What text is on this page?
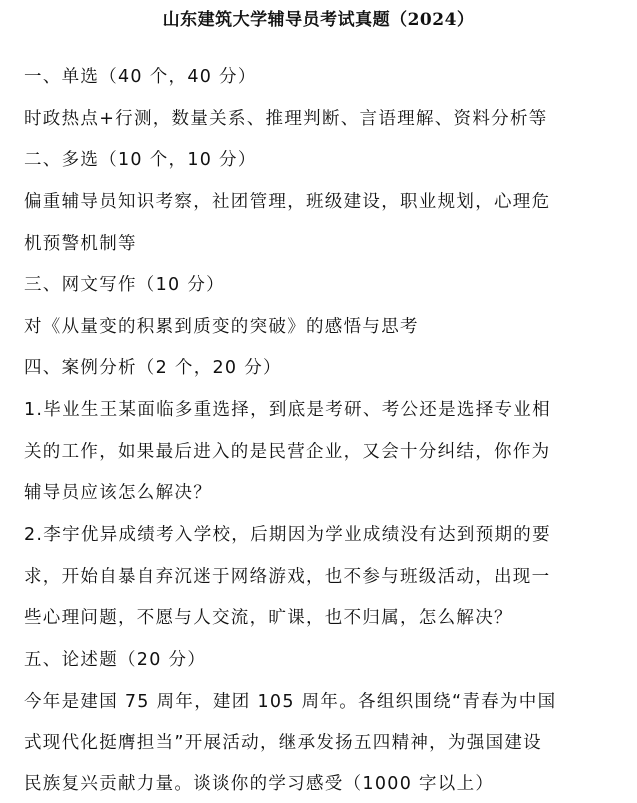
山东建筑大学辅导员考试真题（2024）
一、单选（40 个，40 分）
时政热点+行测，数量关系、推理判断、言语理解、资料分析等
二、多选（10 个，10 分）
偏重辅导员知识考察，社团管理，班级建设，职业规划，心理危
机预警机制等
三、网文写作（10 分）
对《从量变的积累到质变的突破》的感悟与思考
四、案例分析（2 个，20 分）
1.毕业生王某面临多重选择，到底是考研、考公还是选择专业相
关的工作，如果最后进入的是民营企业，又会十分纠结，你作为
辅导员应该怎么解决？
2.李宇优异成绩考入学校，后期因为学业成绩没有达到预期的要
求，开始自暴自弃沉迷于网络游戏，也不参与班级活动，出现一
些心理问题，不愿与人交流，旷课，也不归属，怎么解决？
五、论述题（20 分）
今年是建国 75 周年，建团 105 周年。各组织围绕“青春为中国
式现代化挺膺担当”开展活动，继承发扬五四精神，为强国建设
民族复兴贡献力量。谈谈你的学习感受（1000 字以上）
